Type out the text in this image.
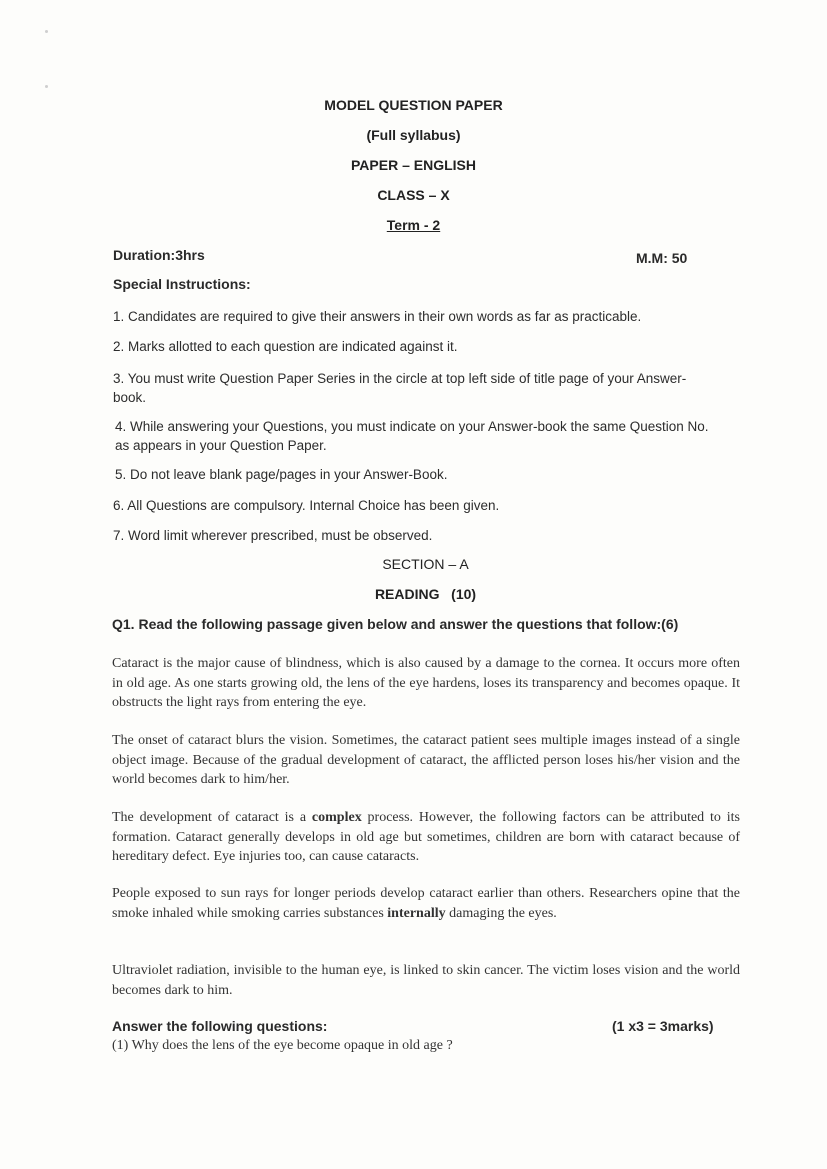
MODEL QUESTION PAPER
(Full syllabus)
PAPER – ENGLISH
CLASS – X
Term - 2
Duration:3hrs	M.M: 50
Special Instructions:
1. Candidates are required to give their answers in their own words as far as practicable.
2. Marks allotted to each question are indicated against it.
3. You must write Question Paper Series in the circle at top left side of title page of your Answer-book.
4. While answering your Questions, you must indicate on your Answer-book the same Question No. as appears in your Question Paper.
5. Do not leave blank page/pages in your Answer-Book.
6. All Questions are compulsory. Internal Choice has been given.
7. Word limit wherever prescribed, must be observed.
SECTION – A
READING   (10)
Q1. Read the following passage given below and answer the questions that follow:(6)
Cataract is the major cause of blindness, which is also caused by a damage to the cornea. It occurs more often in old age. As one starts growing old, the lens of the eye hardens, loses its transparency and becomes opaque. It obstructs the light rays from entering the eye.
The onset of cataract blurs the vision. Sometimes, the cataract patient sees multiple images instead of a single object image. Because of the gradual development of cataract, the afflicted person loses his/her vision and the world becomes dark to him/her.
The development of cataract is a complex process. However, the following factors can be attributed to its formation. Cataract generally develops in old age but sometimes, children are born with cataract because of hereditary defect. Eye injuries too, can cause cataracts.
People exposed to sun rays for longer periods develop cataract earlier than others. Researchers opine that the smoke inhaled while smoking carries substances internally damaging the eyes.
Ultraviolet radiation, invisible to the human eye, is linked to skin cancer. The victim loses vision and the world becomes dark to him.
Answer the following questions:	(1 x3 = 3marks)
(1) Why does the lens of the eye become opaque in old age ?
